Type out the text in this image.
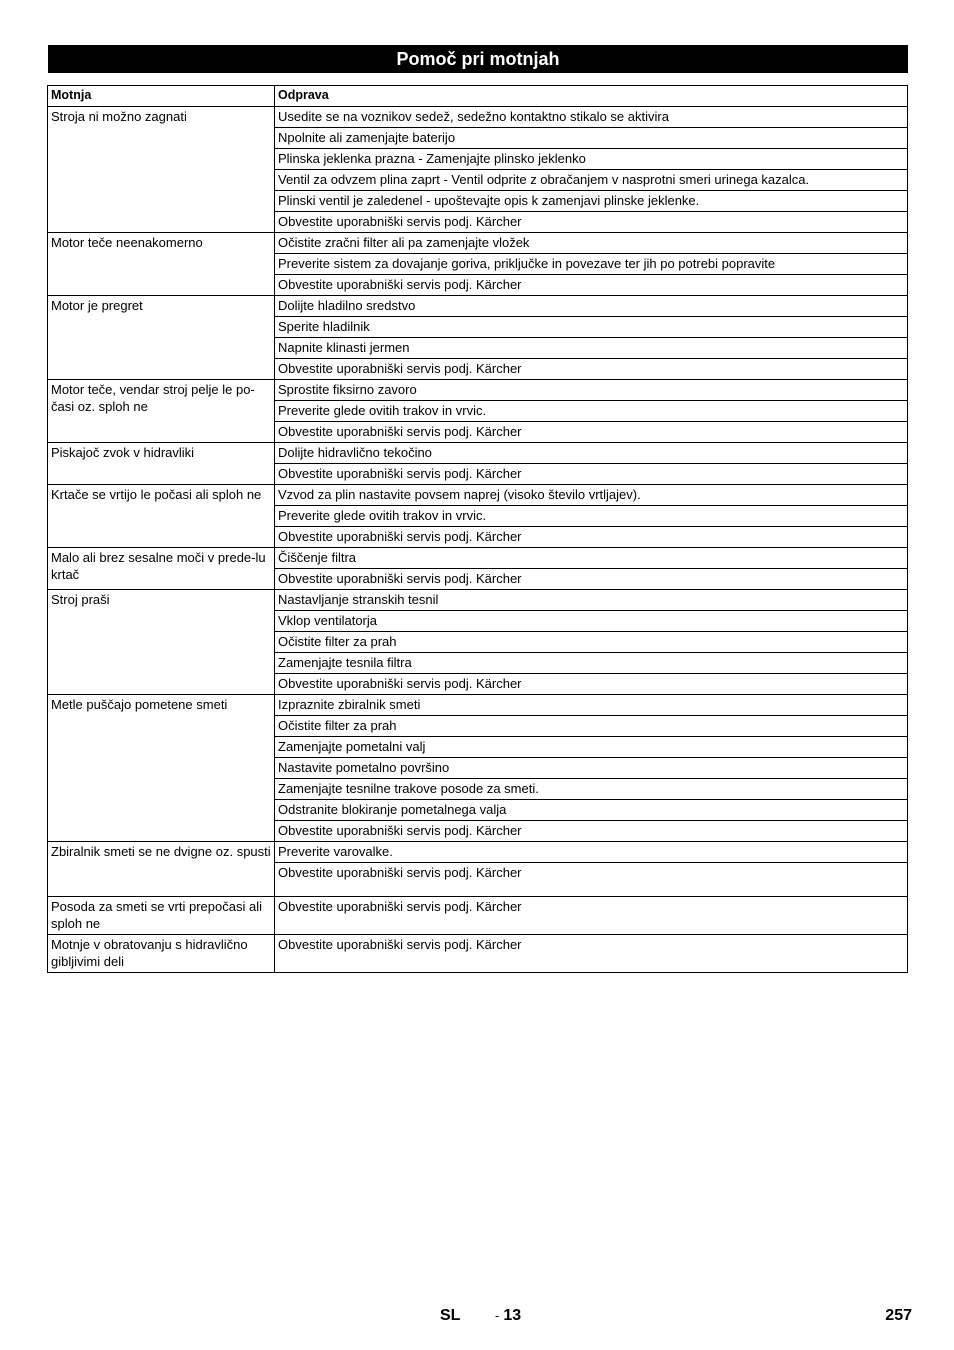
Pomoč pri motnjah
Motnja	Odprava
Stroja ni možno zagnati	Usedite se na voznikov sedež, sedežno kontaktno stikalo se aktivira
	Npolnite ali zamenjajte baterijo
	Plinska jeklenka prazna - Zamenjajte plinsko jeklenko
	Ventil za odvzem plina zaprt - Ventil odprite z obračanjem v nasprotni smeri urinega kazalca.
	Plinski ventil je zaledenel - upoštevajte opis k zamenjavi plinske jeklenke.
	Obvestite uporabniški servis podj. Kärcher
Motor teče neenakomerno	Očistite zračni filter ali pa zamenjajte vložek
	Preverite sistem za dovajanje goriva, priključke in povezave ter jih po potrebi popravite
	Obvestite uporabniški servis podj. Kärcher
Motor je pregret	Dolijte hladilno sredstvo
	Sperite hladilnik
	Napnite klinasti jermen
	Obvestite uporabniški servis podj. Kärcher
Motor teče, vendar stroj pelje le po-časi oz. sploh ne	Sprostite fiksirno zavoro
	Preverite glede ovitih trakov in vrvic.
	Obvestite uporabniški servis podj. Kärcher
Piskajoč zvok v hidravliki	Dolijte hidravlično tekočino
	Obvestite uporabniški servis podj. Kärcher
Krtače se vrtijo le počasi ali sploh ne	Vzvod za plin nastavite povsem naprej (visoko število vrtljajev).
	Preverite glede ovitih trakov in vrvic.
	Obvestite uporabniški servis podj. Kärcher
Malo ali brez sesalne moči v prede-lu krtač	Čiščenje filtra
	Obvestite uporabniški servis podj. Kärcher
Stroj praši	Nastavljanje stranskih tesnil
	Vklop ventilatorja
	Očistite filter za prah
	Zamenjajte tesnila filtra
	Obvestite uporabniški servis podj. Kärcher
Metle puščajo pometene smeti	Izpraznite zbiralnik smeti
	Očistite filter za prah
	Zamenjajte pometalni valj
	Nastavite pometalno površino
	Zamenjajte tesnilne trakove posode za smeti.
	Odstranite blokiranje pometalnega valja
	Obvestite uporabniški servis podj. Kärcher
Zbiralnik smeti se ne dvigne oz. spusti	Preverite varovalke.
	Obvestite uporabniški servis podj. Kärcher
Posoda za smeti se vrti prepočasi ali sploh ne	Obvestite uporabniški servis podj. Kärcher
Motnje v obratovanju s hidravlično gibljivimi deli	Obvestite uporabniški servis podj. Kärcher
SL	- 13	257
